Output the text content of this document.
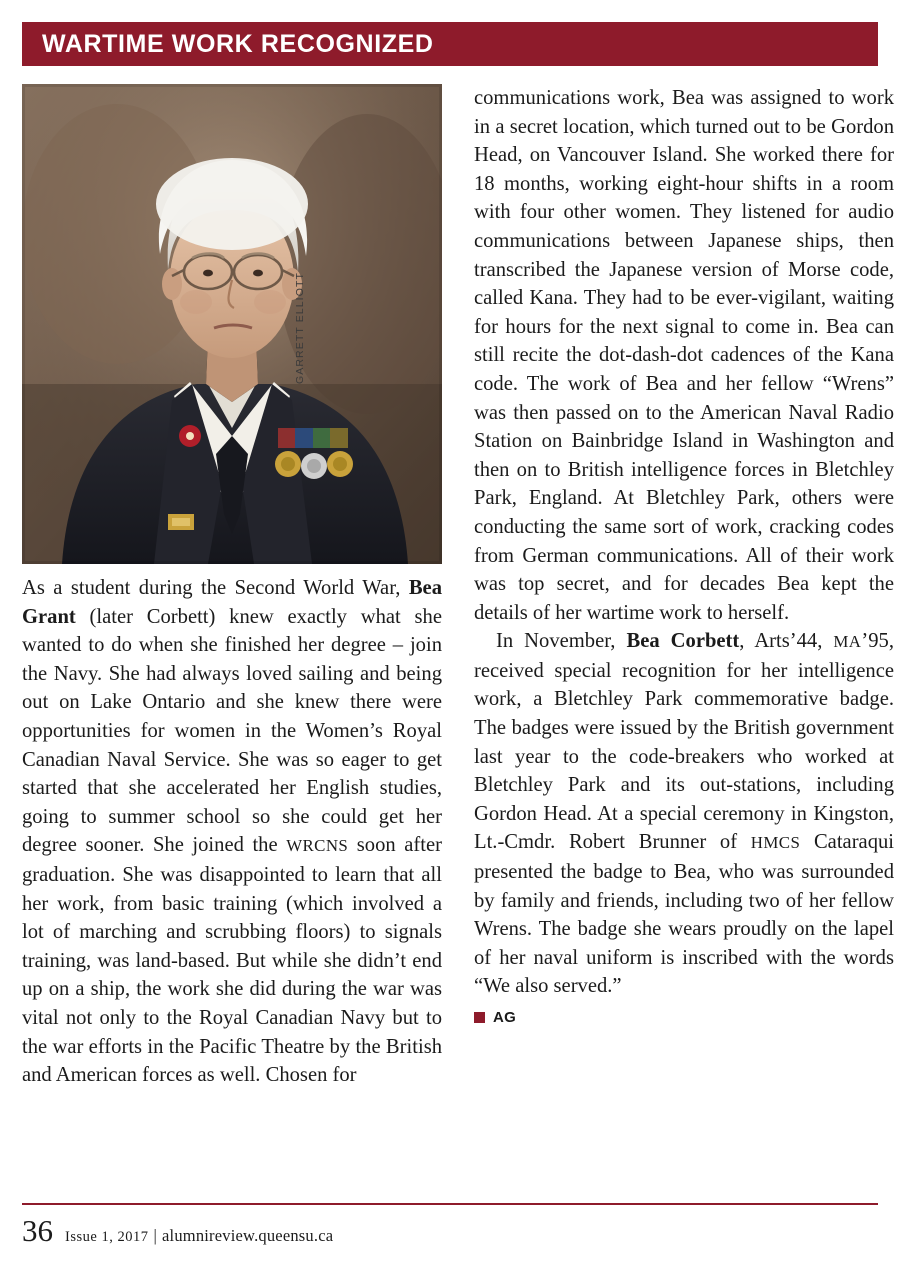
WARTIME WORK RECOGNIZED
GARRETT ELLIOTT

As a student during the Second World War, Bea Grant (later Corbett) knew exactly what she wanted to do when she finished her degree – join the Navy. She had always loved sailing and being out on Lake Ontario and she knew there were opportunities for women in the Women’s Royal Canadian Naval Service. She was so eager to get started that she accelerated her English studies, going to summer school so she could get her degree sooner. She joined the WRCNS soon after graduation. She was disappointed to learn that all her work, from basic training (which involved a lot of marching and scrubbing floors) to signals training, was land-based. But while she didn’t end up on a ship, the work she did during the war was vital not only to the Royal Canadian Navy but to the war efforts in the Pacific Theatre by the British and American forces as well. Chosen for

communications work, Bea was assigned to work in a secret location, which turned out to be Gordon Head, on Vancouver Island. She worked there for 18 months, working eight-hour shifts in a room with four other women. They listened for audio communications between Japanese ships, then transcribed the Japanese version of Morse code, called Kana. They had to be ever-vigilant, waiting for hours for the next signal to come in. Bea can still recite the dot-dash-dot cadences of the Kana code. The work of Bea and her fellow “Wrens” was then passed on to the American Naval Radio Station on Bainbridge Island in Washington and then on to British intelligence forces in Bletchley Park, England. At Bletchley Park, others were conducting the same sort of work, cracking codes from German communications. All of their work was top secret, and for decades Bea kept the details of her wartime work to herself.

In November, Bea Corbett, Arts’44, MA’95, received special recognition for her intelligence work, a Bletchley Park commemorative badge. The badges were issued by the British government last year to the code-breakers who worked at Bletchley Park and its out-stations, including Gordon Head. At a special ceremony in Kingston, Lt.-Cmdr. Robert Brunner of HMCS Cataraqui presented the badge to Bea, who was surrounded by family and friends, including two of her fellow Wrens. The badge she wears proudly on the lapel of her naval uniform is inscribed with the words “We also served.”

AG
36 Issue 1, 2017 | alumnireview.queensu.ca
